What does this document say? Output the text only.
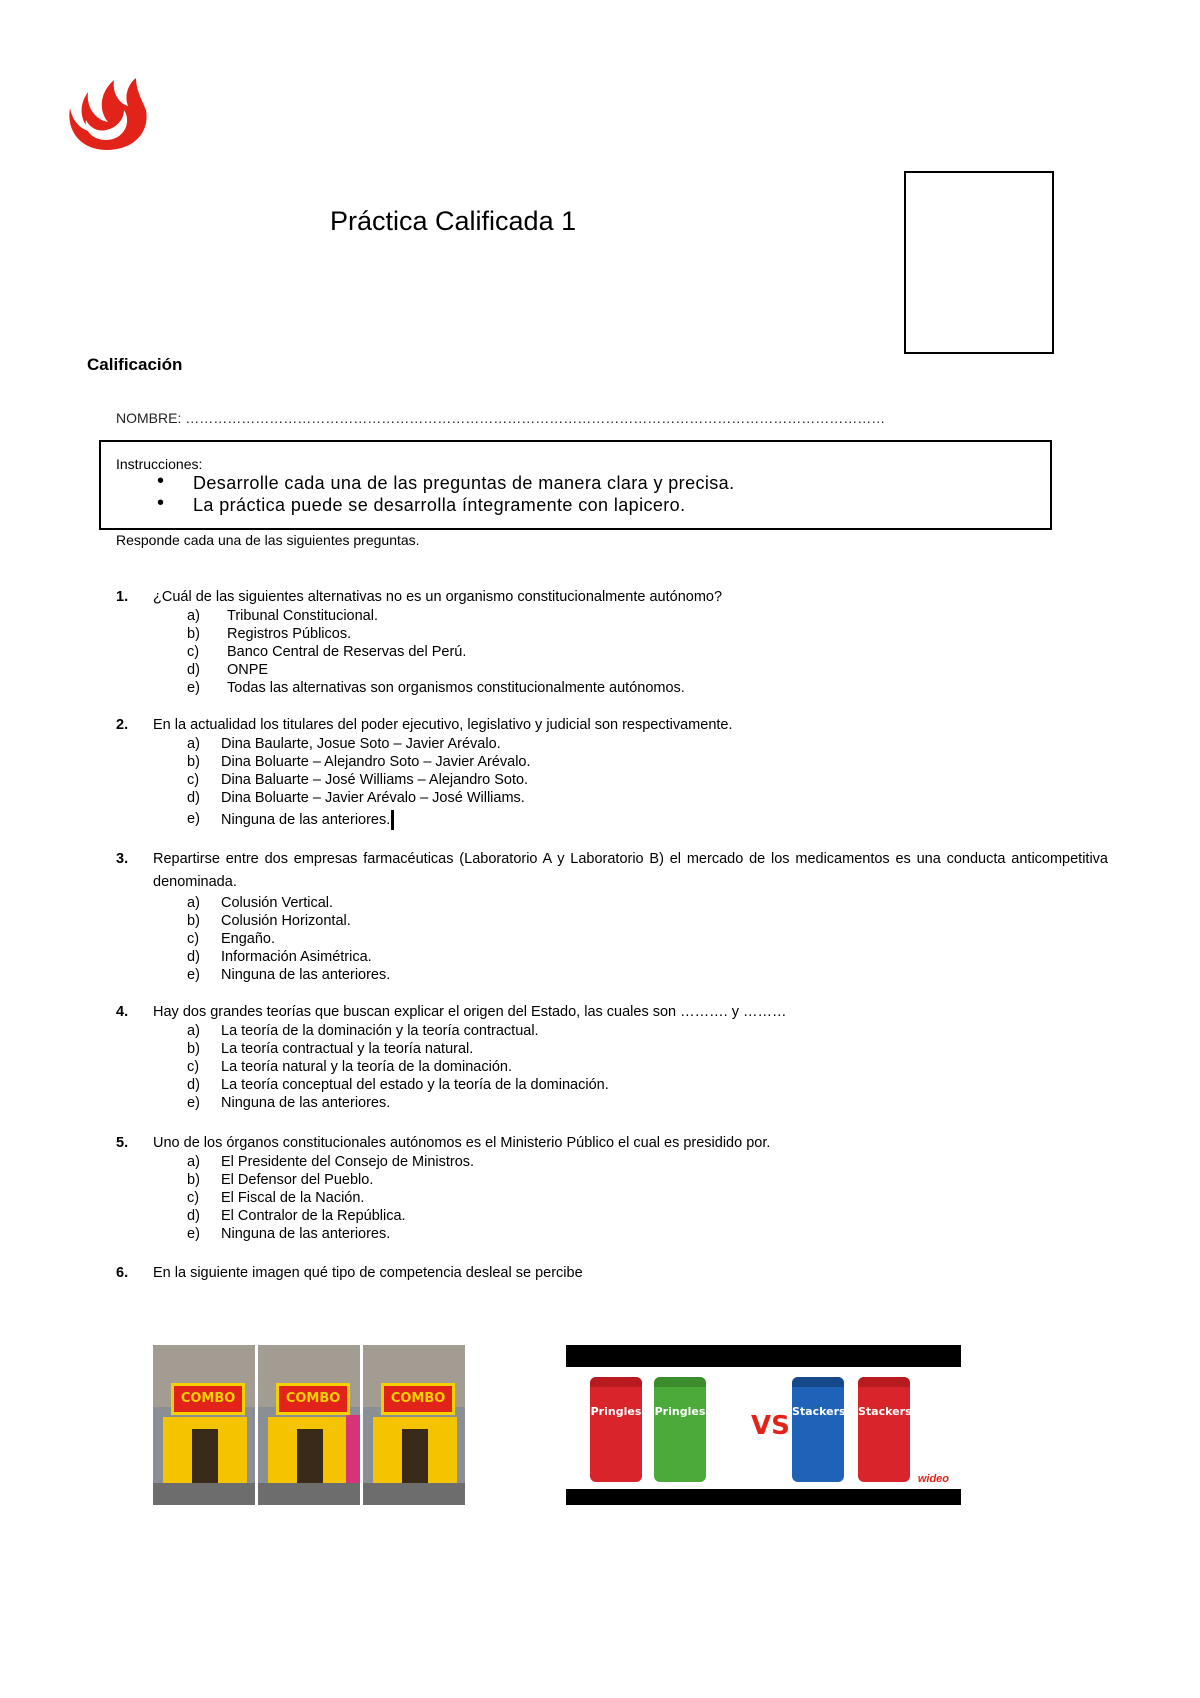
Práctica Calificada 1
Calificación
NOMBRE: ……………………………………………………………………………………………………………………………………
Instrucciones:
• Desarrolle cada una de las preguntas de manera clara y precisa.
• La práctica puede se desarrolla íntegramente con lapicero.
Responde cada una de las siguientes preguntas.
1. ¿Cuál de las siguientes alternativas no es un organismo constitucionalmente autónomo?
a) Tribunal Constitucional.
b) Registros Públicos.
c) Banco Central de Reservas del Perú.
d) ONPE
e) Todas las alternativas son organismos constitucionalmente autónomos.
2. En la actualidad los titulares del poder ejecutivo, legislativo y judicial son respectivamente.
a) Dina Baularte, Josue Soto – Javier Arévalo.
b) Dina Boluarte – Alejandro Soto – Javier Arévalo.
c) Dina Baluarte – José Williams – Alejandro Soto.
d) Dina Boluarte – Javier Arévalo – José Williams.
e) Ninguna de las anteriores.
3. Repartirse entre dos empresas farmacéuticas (Laboratorio A y Laboratorio B) el mercado de los medicamentos es una conducta anticompetitiva denominada.
a) Colusión Vertical.
b) Colusión Horizontal.
c) Engaño.
d) Información Asimétrica.
e) Ninguna de las anteriores.
4. Hay dos grandes teorías que buscan explicar el origen del Estado, las cuales son ………. y ………
a) La teoría de la dominación y la teoría contractual.
b) La teoría contractual y la teoría natural.
c) La teoría natural y la teoría de la dominación.
d) La teoría conceptual del estado y la teoría de la dominación.
e) Ninguna de las anteriores.
5. Uno de los órganos constitucionales autónomos es el Ministerio Público el cual es presidido por.
a) El Presidente del Consejo de Ministros.
b) El Defensor del Pueblo.
c) El Fiscal de la Nación.
d) El Contralor de la República.
e) Ninguna de las anteriores.
6. En la siguiente imagen qué tipo de competencia desleal se percibe
COMBO	COMBO	COMBO
Pringles Pringles VS Stackers Stackers
wideo
